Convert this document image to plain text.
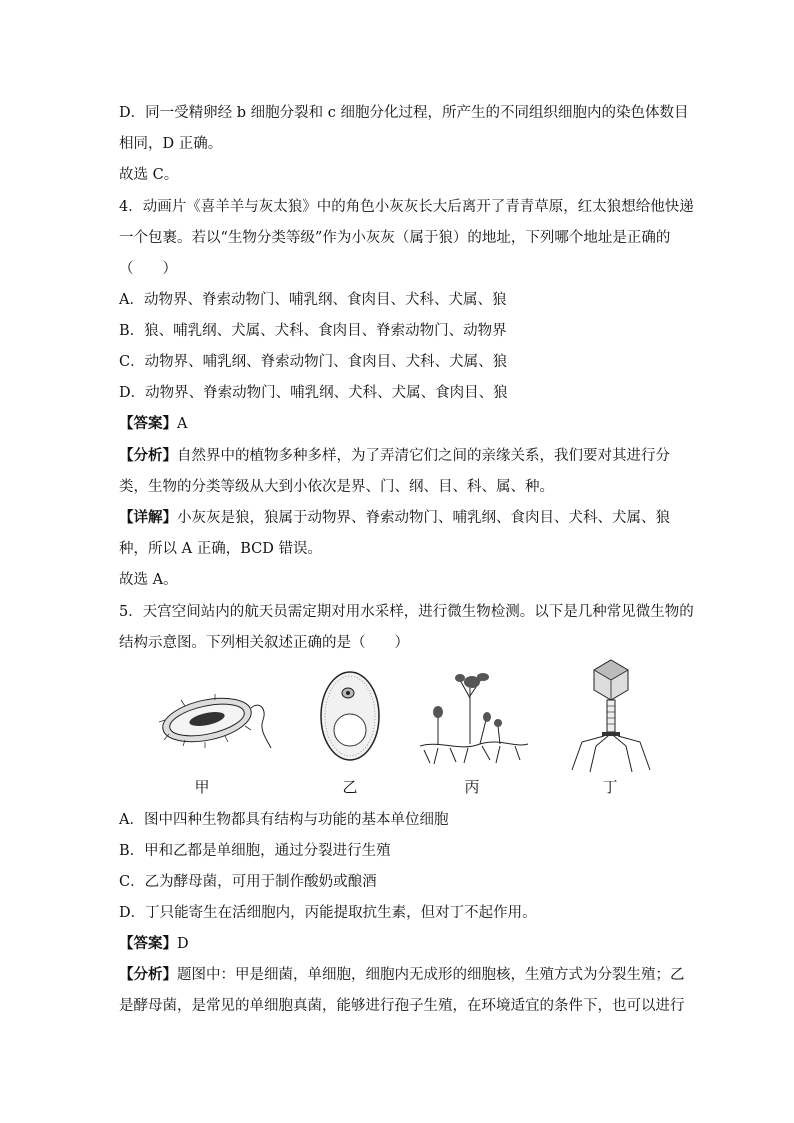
D．同一受精卵经 b 细胞分裂和 c 细胞分化过程，所产生的不同组织细胞内的染色体数目
相同，D 正确。
故选 C。
4．动画片《喜羊羊与灰太狼》中的角色小灰灰长大后离开了青青草原，红太狼想给他快递
一个包裹。若以“生物分类等级”作为小灰灰（属于狼）的地址，下列哪个地址是正确的
（　　）
A．动物界、脊索动物门、哺乳纲、食肉目、犬科、犬属、狼
B．狼、哺乳纲、犬属、犬科、食肉目、脊索动物门、动物界
C．动物界、哺乳纲、脊索动物门、食肉目、犬科、犬属、狼
D．动物界、脊索动物门、哺乳纲、犬科、犬属、食肉目、狼
【答案】A
【分析】自然界中的植物多种多样，为了弄清它们之间的亲缘关系，我们要对其进行分
类，生物的分类等级从大到小依次是界、门、纲、目、科、属、种。
【详解】小灰灰是狼，狼属于动物界、脊索动物门、哺乳纲、食肉目、犬科、犬属、狼
种，所以 A 正确，BCD 错误。
故选 A。
5．天宫空间站内的航天员需定期对用水采样，进行微生物检测。以下是几种常见微生物的
结构示意图。下列相关叙述正确的是（　　）
甲	乙	丙	丁
A．图中四种生物都具有结构与功能的基本单位细胞
B．甲和乙都是单细胞，通过分裂进行生殖
C．乙为酵母菌，可用于制作酸奶或酿酒
D．丁只能寄生在活细胞内，丙能提取抗生素，但对丁不起作用。
【答案】D
【分析】题图中：甲是细菌，单细胞，细胞内无成形的细胞核，生殖方式为分裂生殖；乙
是酵母菌，是常见的单细胞真菌，能够进行孢子生殖，在环境适宜的条件下，也可以进行
